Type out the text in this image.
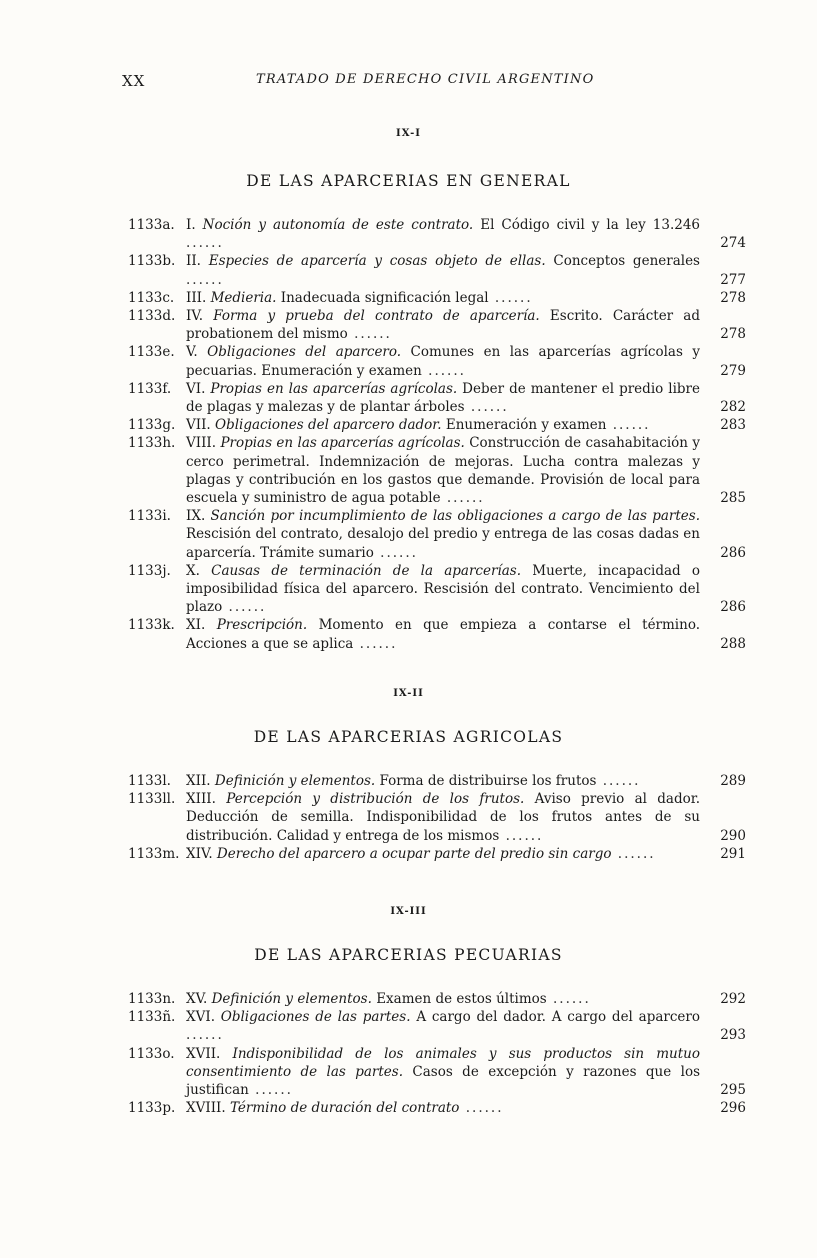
XX	TRATADO DE DERECHO CIVIL ARGENTINO
IX-I
DE LAS APARCERIAS EN GENERAL
1133a. I. Noción y autonomía de este contrato. El Código civil y la ley 13.246 ......	274
1133b. II. Especies de aparcería y cosas objeto de ellas. Conceptos generales ......	277
1133c. III. Medieria. Inadecuada significación legal ......	278
1133d. IV. Forma y prueba del contrato de aparcería. Escrito. Carácter ad probationem del mismo ......	278
1133e. V. Obligaciones del aparcero. Comunes en las aparcerías agrícolas y pecuarias. Enumeración y examen ......	279
1133f.	VI. Propias en las aparcerías agrícolas. Deber de mantener el predio libre de plagas y malezas y de plantar árboles ......	282
1133g. VII. Obligaciones del aparcero dador. Enumeración y examen ......	283
1133h. VIII. Propias en las aparcerías agrícolas. Construcción de casahabitación y cerco perimetral. Indemnización de mejoras. Lucha contra malezas y plagas y contribución en los gastos que demande. Provisión de local para escuela y suministro de agua potable ......	285
1133i.	IX. Sanción por incumplimiento de las obligaciones a cargo de las partes. Rescisión del contrato, desalojo del predio y entrega de las cosas dadas en aparcería. Trámite sumario ......	286
1133j.	X. Causas de terminación de la aparcerías. Muerte, incapacidad o imposibilidad física del aparcero. Rescisión del contrato. Vencimiento del plazo ......	286
1133k. XI. Prescripción. Momento en que empieza a contarse el término. Acciones a que se aplica ......	288
IX-II
DE LAS APARCERIAS AGRICOLAS
1133l.	XII. Definición y elementos. Forma de distribuirse los frutos ......	289
1133ll. XIII. Percepción y distribución de los frutos. Aviso previo al dador. Deducción de semilla. Indisponibilidad de los frutos antes de su distribución. Calidad y entrega de los mismos ......	290
1133m. XIV. Derecho del aparcero a ocupar parte del predio sin cargo ......	291
IX-III
DE LAS APARCERIAS PECUARIAS
1133n. XV. Definición y elementos. Examen de estos últimos ......	292
1133ñ. XVI. Obligaciones de las partes. A cargo del dador. A cargo del aparcero ......	293
1133o. XVII. Indisponibilidad de los animales y sus productos sin mutuo consentimiento de las partes. Casos de excepción y razones que los justifican ......	295
1133p. XVIII. Término de duración del contrato ......	296
